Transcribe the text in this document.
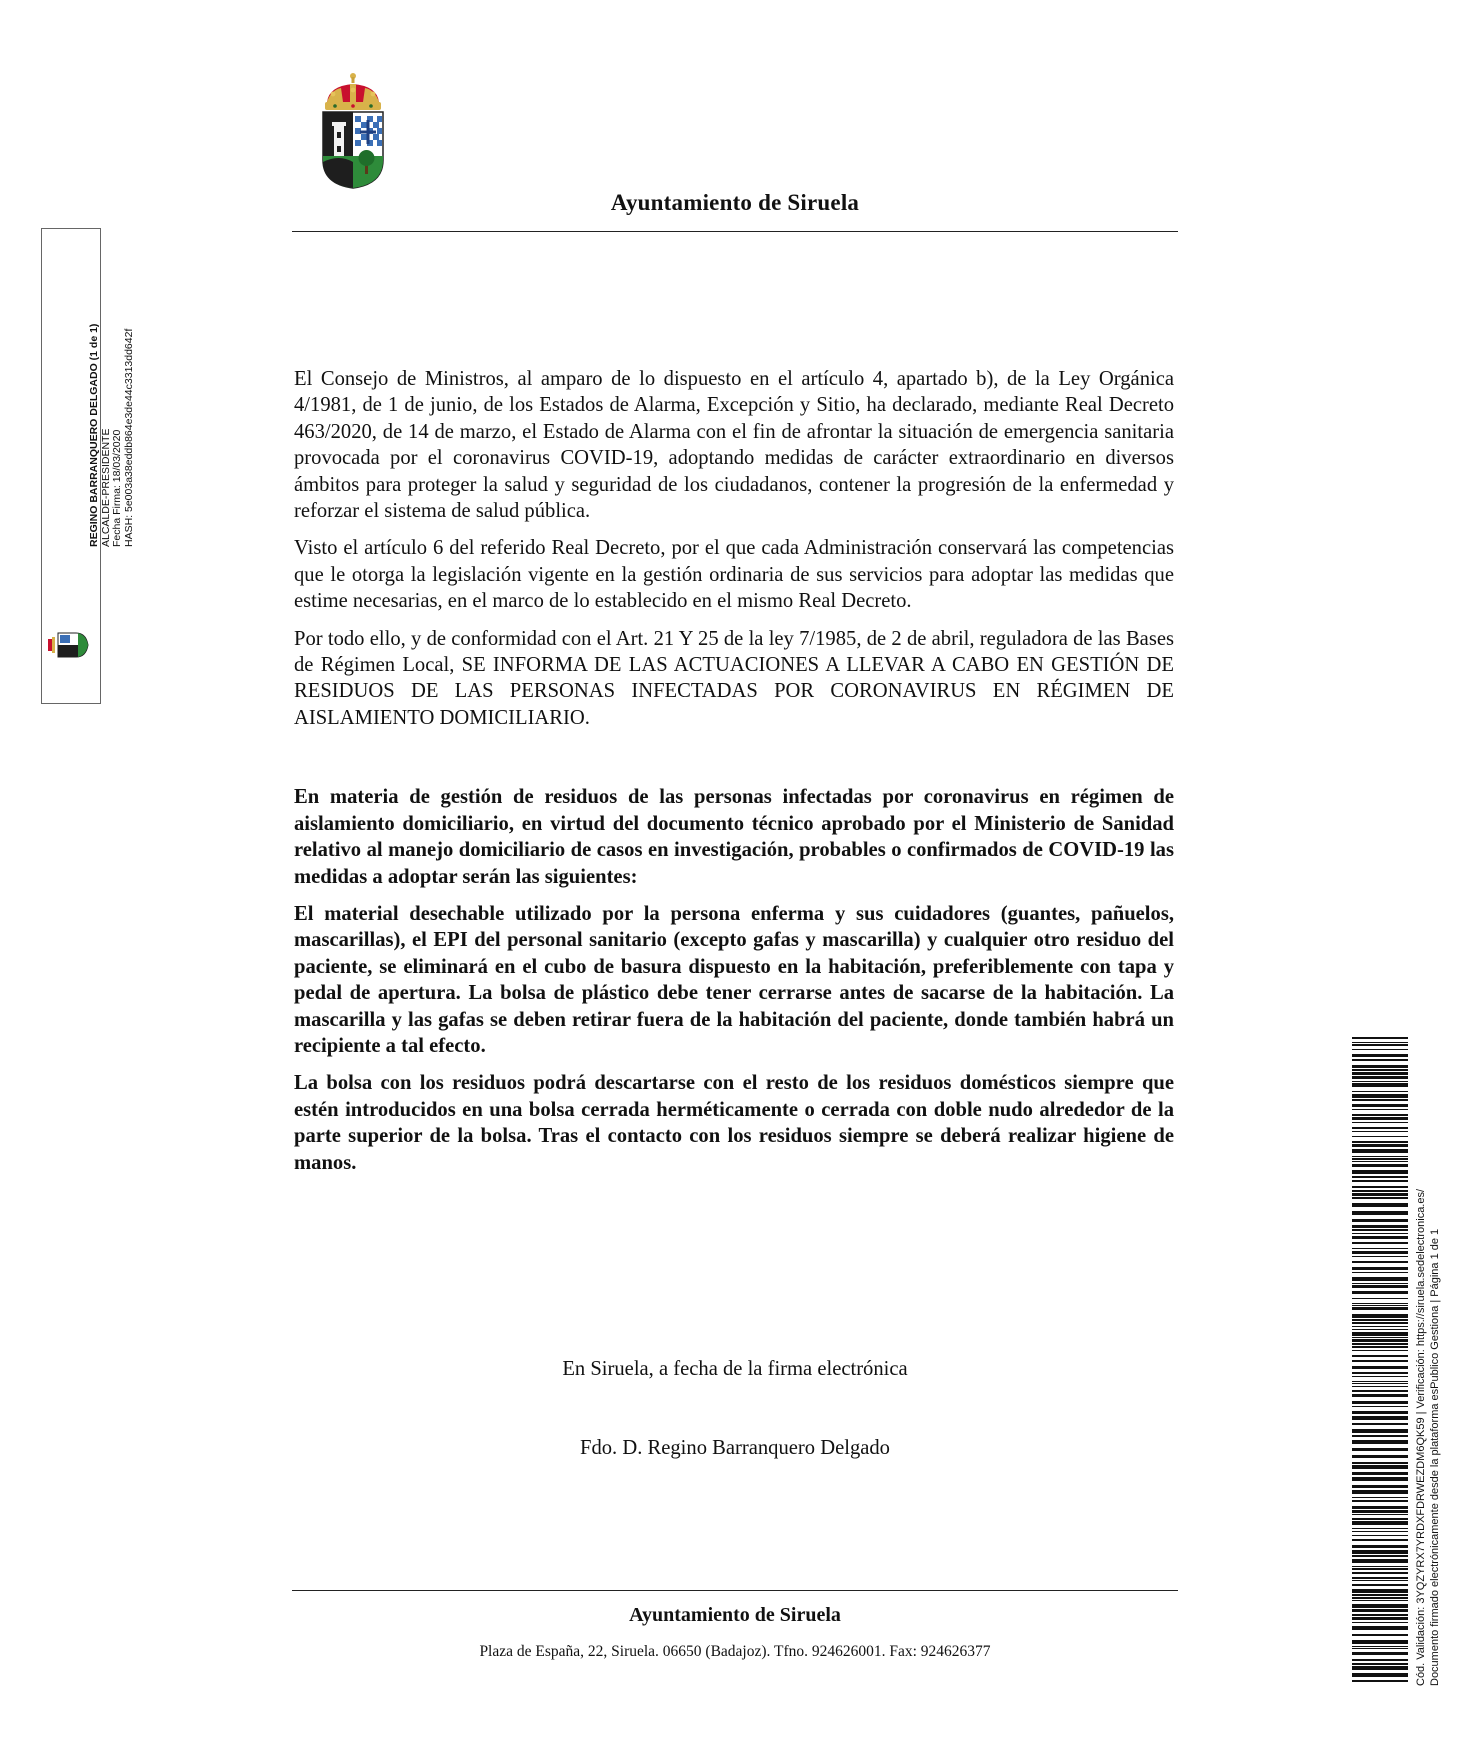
Ayuntamiento de Siruela

El Consejo de Ministros, al amparo de lo dispuesto en el artículo 4, apartado b), de la Ley Orgánica 4/1981, de 1 de junio, de los Estados de Alarma, Excepción y Sitio, ha declarado, mediante Real Decreto 463/2020, de 14 de marzo, el Estado de Alarma con el fin de afrontar la situación de emergencia sanitaria provocada por el coronavirus COVID-19, adoptando medidas de carácter extraordinario en diversos ámbitos para proteger la salud y seguridad de los ciudadanos, contener la progresión de la enfermedad y reforzar el sistema de salud pública.

Visto el artículo 6 del referido Real Decreto, por el que cada Administración conservará las competencias que le otorga la legislación vigente en la gestión ordinaria de sus servicios para adoptar las medidas que estime necesarias, en el marco de lo establecido en el mismo Real Decreto.

Por todo ello, y de conformidad con el Art. 21 Y 25 de la ley 7/1985, de 2 de abril, reguladora de las Bases de Régimen Local, SE INFORMA DE LAS ACTUACIONES A LLEVAR A CABO EN GESTIÓN DE RESIDUOS DE LAS PERSONAS INFECTADAS POR CORONAVIRUS EN RÉGIMEN DE AISLAMIENTO DOMICILIARIO.

En materia de gestión de residuos de las personas infectadas por coronavirus en régimen de aislamiento domiciliario, en virtud del documento técnico aprobado por el Ministerio de Sanidad relativo al manejo domiciliario de casos en investigación, probables o confirmados de COVID-19 las medidas a adoptar serán las siguientes:

El material desechable utilizado por la persona enferma y sus cuidadores (guantes, pañuelos, mascarillas), el EPI del personal sanitario (excepto gafas y mascarilla) y cualquier otro residuo del paciente, se eliminará en el cubo de basura dispuesto en la habitación, preferiblemente con tapa y pedal de apertura. La bolsa de plástico debe tener cerrarse antes de sacarse de la habitación. La mascarilla y las gafas se deben retirar fuera de la habitación del paciente, donde también habrá un recipiente a tal efecto.

La bolsa con los residuos podrá descartarse con el resto de los residuos domésticos siempre que estén introducidos en una bolsa cerrada herméticamente o cerrada con doble nudo alrededor de la parte superior de la bolsa. Tras el contacto con los residuos siempre se deberá realizar higiene de manos.

En Siruela, a fecha de la firma electrónica
Fdo. D. Regino Barranquero Delgado
Ayuntamiento de Siruela
Plaza de España, 22, Siruela. 06650 (Badajoz). Tfno. 924626001. Fax: 924626377
REGINO BARRANQUERO DELGADO (1 de 1) ALCALDE-PRESIDENTE Fecha Firma: 18/03/2020 HASH: 5e003a38eddb864e3de44c3313dd642f
Cód. Validación: 3YQZYRX7YRDXFDRWEZDM6QK59 | Verificación: https://siruela.sedelectronica.es/ Documento firmado electrónicamente desde la plataforma esPublico Gestiona | Página 1 de 1
